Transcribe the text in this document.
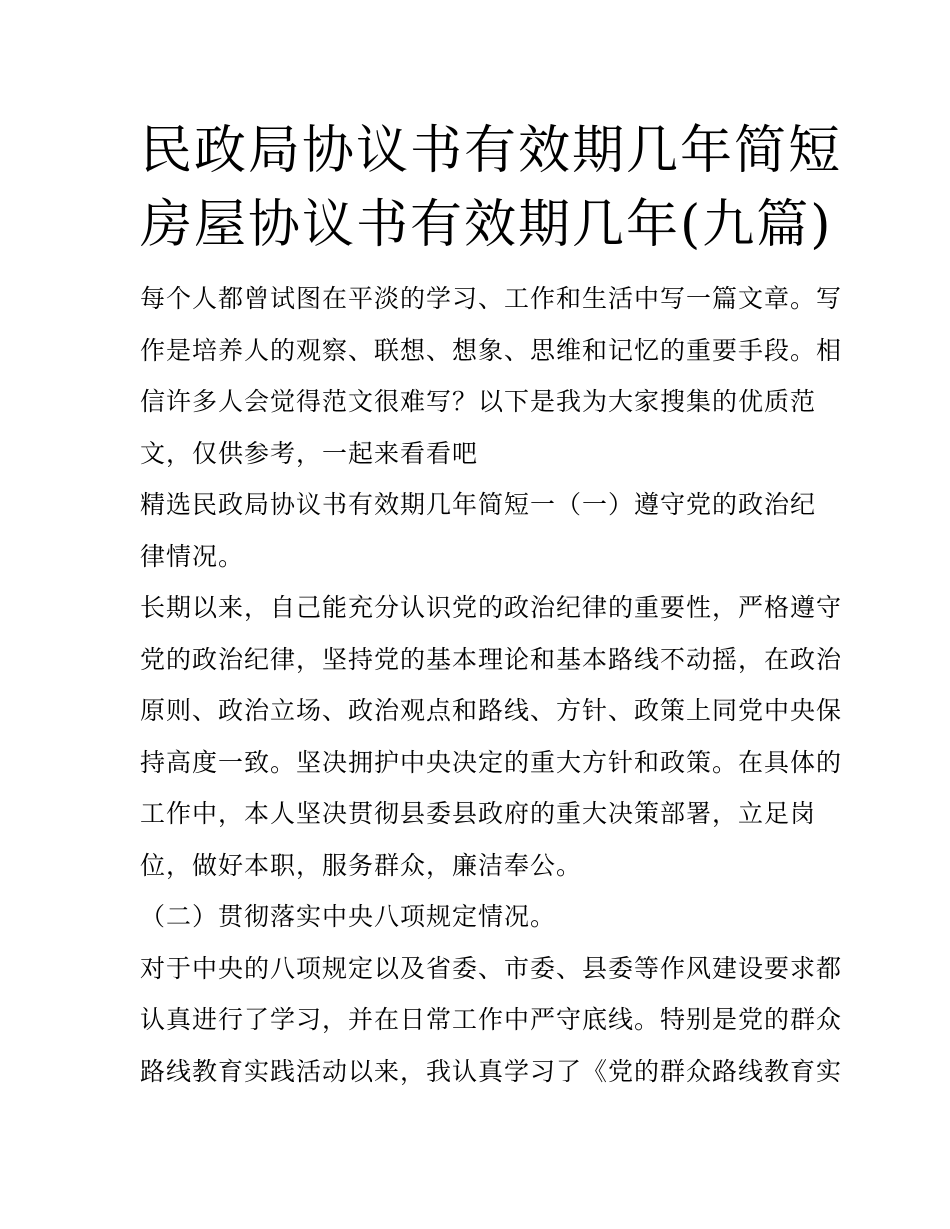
民政局协议书有效期几年简短
房屋协议书有效期几年(九篇)

每个人都曾试图在平淡的学习、工作和生活中写一篇文章。写
作是培养人的观察、联想、想象、思维和记忆的重要手段。相
信许多人会觉得范文很难写？以下是我为大家搜集的优质范
文，仅供参考，一起来看看吧

精选民政局协议书有效期几年简短一（一）遵守党的政治纪
律情况。

长期以来，自己能充分认识党的政治纪律的重要性，严格遵守
党的政治纪律，坚持党的基本理论和基本路线不动摇，在政治
原则、政治立场、政治观点和路线、方针、政策上同党中央保
持高度一致。坚决拥护中央决定的重大方针和政策。在具体的
工作中，本人坚决贯彻县委县政府的重大决策部署，立足岗
位，做好本职，服务群众，廉洁奉公。

（二）贯彻落实中央八项规定情况。

对于中央的八项规定以及省委、市委、县委等作风建设要求都
认真进行了学习，并在日常工作中严守底线。特别是党的群众
路线教育实践活动以来，我认真学习了《党的群众路线教育实
